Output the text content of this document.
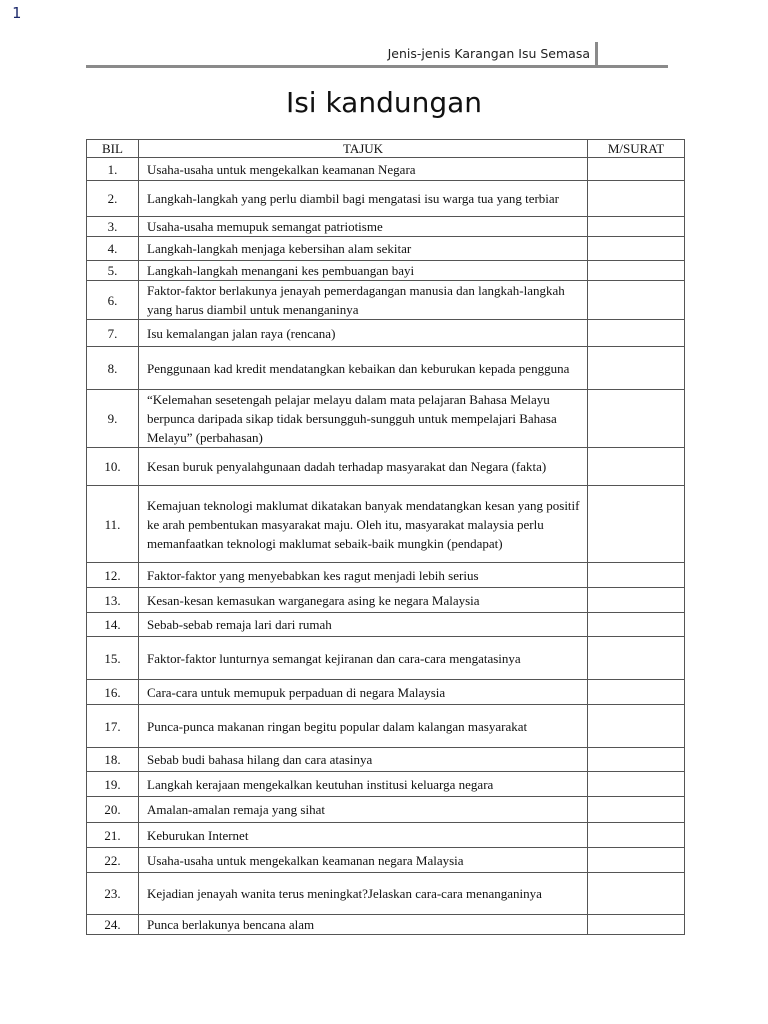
1
Jenis-jenis Karangan Isu Semasa
Isi kandungan
BIL	TAJUK	M/SURAT
1.	Usaha-usaha untuk mengekalkan keamanan Negara	
2.	Langkah-langkah yang perlu diambil bagi mengatasi isu warga tua yang terbiar	
3.	Usaha-usaha memupuk semangat patriotisme	
4.	Langkah-langkah menjaga kebersihan alam sekitar	
5.	Langkah-langkah menangani kes pembuangan bayi	
6.	Faktor-faktor berlakunya jenayah pemerdagangan manusia dan langkah-langkah yang harus diambil untuk menanganinya	
7.	Isu kemalangan jalan raya (rencana)	
8.	Penggunaan kad kredit mendatangkan kebaikan dan keburukan kepada pengguna	
9.	“Kelemahan sesetengah pelajar melayu dalam mata pelajaran Bahasa Melayu berpunca daripada sikap tidak bersungguh-sungguh untuk mempelajari Bahasa Melayu” (perbahasan)	
10.	Kesan buruk penyalahgunaan dadah terhadap masyarakat dan Negara (fakta)	
11.	Kemajuan teknologi maklumat dikatakan banyak mendatangkan kesan yang positif ke arah pembentukan masyarakat maju. Oleh itu, masyarakat malaysia perlu memanfaatkan teknologi maklumat sebaik-baik mungkin (pendapat)	
12.	Faktor-faktor yang menyebabkan kes ragut menjadi lebih serius	
13.	Kesan-kesan kemasukan warganegara asing ke negara Malaysia	
14.	Sebab-sebab remaja lari dari rumah	
15.	Faktor-faktor lunturnya semangat kejiranan dan cara-cara mengatasinya	
16.	Cara-cara untuk memupuk perpaduan di negara Malaysia	
17.	Punca-punca makanan ringan begitu popular dalam kalangan masyarakat	
18.	Sebab budi bahasa hilang dan cara atasinya	
19.	Langkah kerajaan mengekalkan keutuhan institusi keluarga negara	
20.	Amalan-amalan remaja yang sihat	
21.	Keburukan Internet	
22.	Usaha-usaha untuk mengekalkan keamanan negara Malaysia	
23.	Kejadian jenayah wanita terus meningkat?Jelaskan cara-cara menanganinya	
24.	Punca berlakunya bencana alam	
